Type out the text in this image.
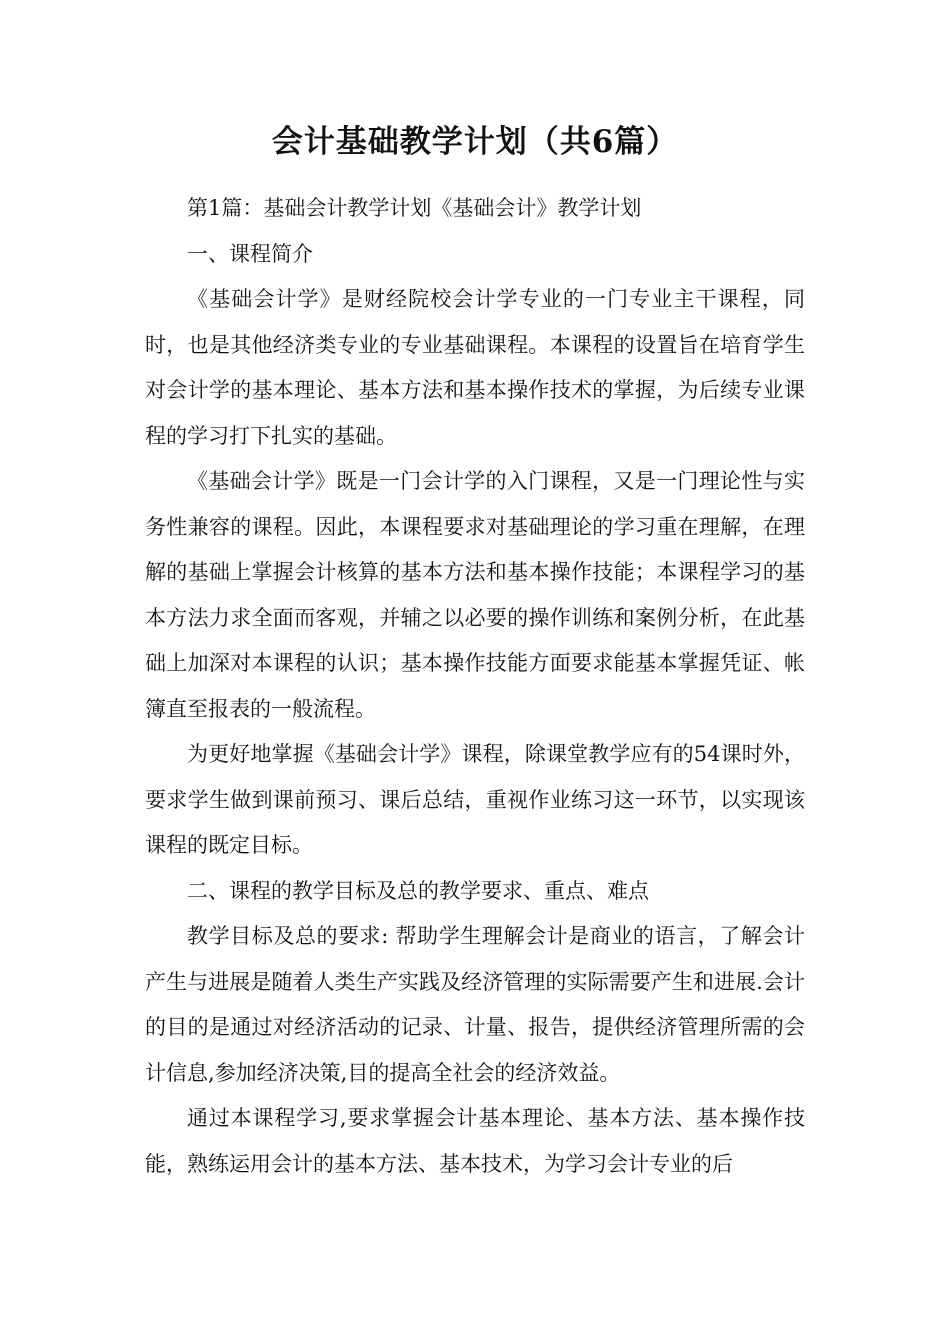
会计基础教学计划（共6篇）

第1篇：基础会计教学计划《基础会计》教学计划

一、课程简介

《基础会计学》是财经院校会计学专业的一门专业主干课程，同时，也是其他经济类专业的专业基础课程。本课程的设置旨在培育学生对会计学的基本理论、基本方法和基本操作技术的掌握，为后续专业课程的学习打下扎实的基础。

《基础会计学》既是一门会计学的入门课程，又是一门理论性与实务性兼容的课程。因此，本课程要求对基础理论的学习重在理解，在理解的基础上掌握会计核算的基本方法和基本操作技能；本课程学习的基本方法力求全面而客观，并辅之以必要的操作训练和案例分析，在此基础上加深对本课程的认识；基本操作技能方面要求能基本掌握凭证、帐簿直至报表的一般流程。

为更好地掌握《基础会计学》课程，除课堂教学应有的54课时外，要求学生做到课前预习、课后总结，重视作业练习这一环节，以实现该课程的既定目标。

二、课程的教学目标及总的教学要求、重点、难点

教学目标及总的要求: 帮助学生理解会计是商业的语言，了解会计产生与进展是随着人类生产实践及经济管理的实际需要产生和进展.会计的目的是通过对经济活动的记录、计量、报告，提供经济管理所需的会计信息,参加经济决策,目的提高全社会的经济效益。

通过本课程学习,要求掌握会计基本理论、基本方法、基本操作技能，熟练运用会计的基本方法、基本技术，为学习会计专业的后
